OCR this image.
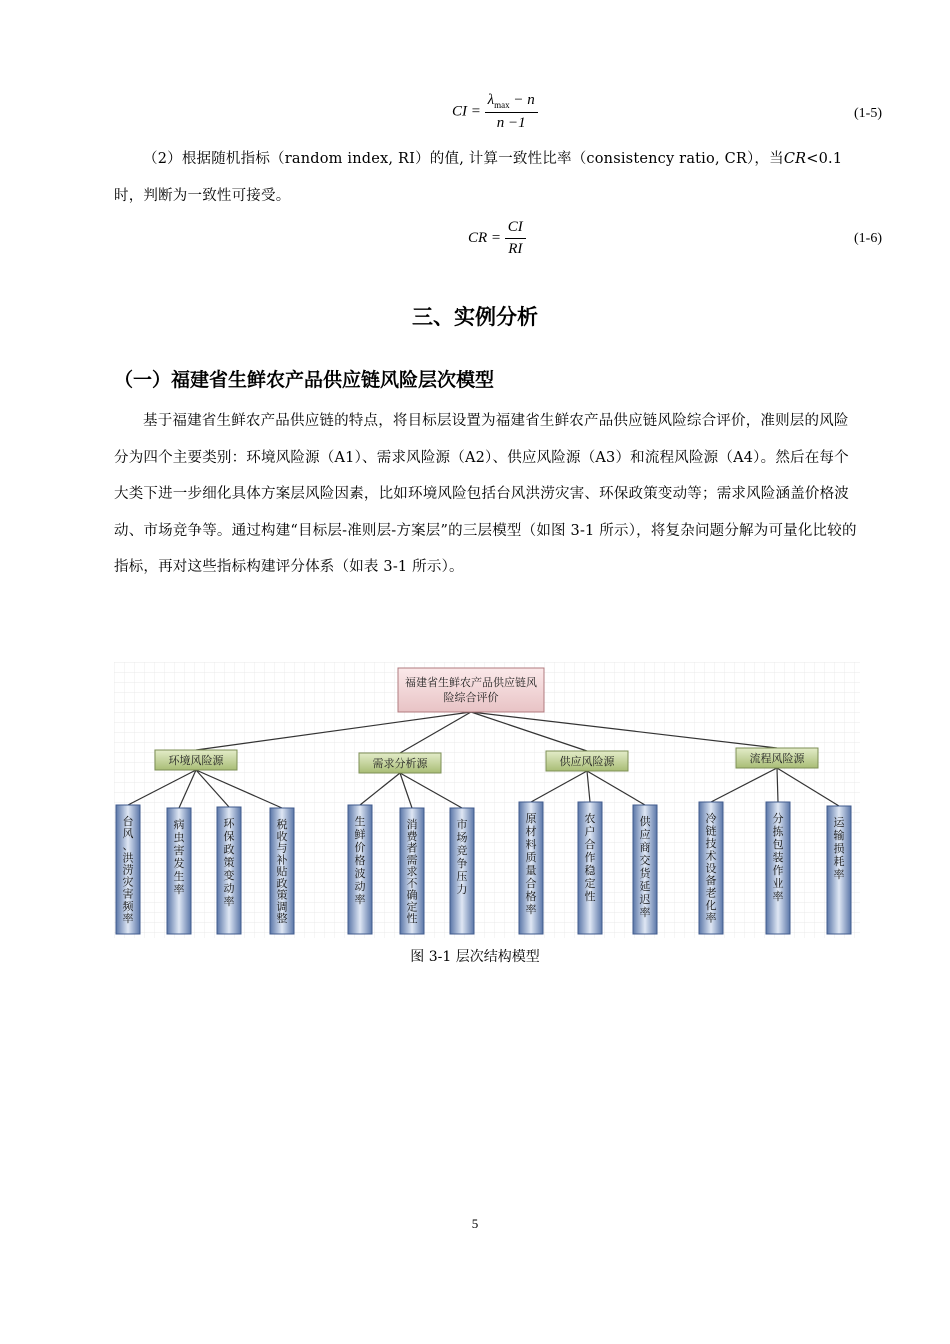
CI = $\frac{\lambda_{max} - n}{n -1}$	(1-5)
（2）根据随机指标（random index, RI）的值, 计算一致性比率（consistency ratio, CR），当CR<0.1
时，判断为一致性可接受。
CR = $\frac{CI}{RI}$	(1-6)
三、实例分析
（一）福建省生鲜农产品供应链风险层次模型
基于福建省生鲜农产品供应链的特点，将目标层设置为福建省生鲜农产品供应链风险综合评价，准则层的风险分为四个主要类别：环境风险源（A1）、需求风险源（A2）、供应风险源（A3）和流程风险源（A4）。然后在每个大类下进一步细化具体方案层风险因素，比如环境风险包括台风洪涝灾害、环保政策变动等；需求风险涵盖价格波动、市场竞争等。通过构建“目标层-准则层-方案层”的三层模型（如图 3-1 所示），将复杂问题分解为可量化比较的指标，再对这些指标构建评分体系（如表 3-1 所示）。
福建省生鲜农产品供应链风
险综合评价
环境风险源
台风、洪涝灾害频率
病虫害发生率
环保政策变动率
税收与补贴政策调整
需求分析源
生鲜价格波动率
消费者需求不确定性
市场竞争压力
供应风险源
原材料质量合格率
农户合作稳定性
供应商交货延迟率
流程风险源
冷链技术设备老化率
分拣包装作业率
运输损耗率
图 3-1 层次结构模型
5
